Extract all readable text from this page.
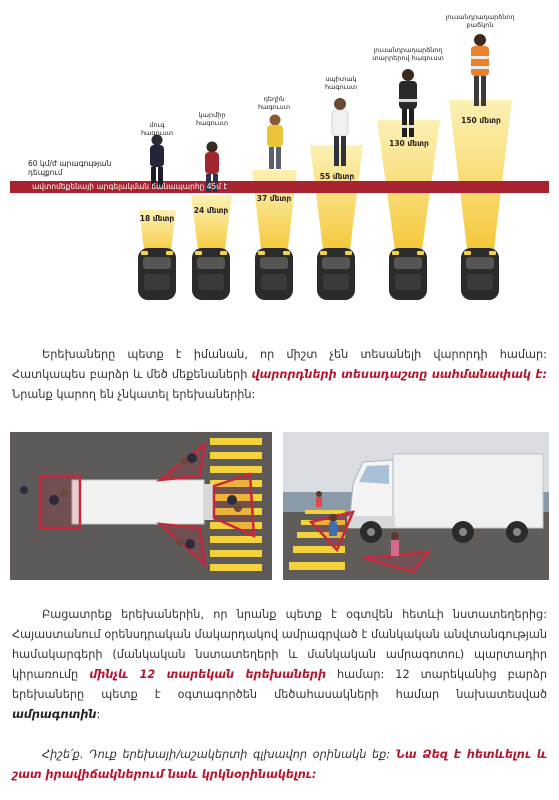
60 կմ/ժ արագության
դեպքում
ավտոմեքենայի արգելակման ճանապարհը 45մ է
մուգ
հագուստ
կարմիր
հագուստ
դեղին
հագուստ
սպիտակ
հագուստ
լուսանդրադարձնող
տարրերով հագուստ
լուսանդրադարձնող
բաճկոն
18 մետր
24 մետր
37 մետր
55 մետր
130 մետր
150 մետր

Երեխաները պետք է իմանան, որ միշտ չեն տեսանելի վարորդի համար: Հատկապես բարձր և մեծ մեքենաների վարորդների տեսադաշտը սահմանափակ է: Նրանք կարող են չնկատել երեխաներին:

Բացատրեք երեխաներին, որ նրանք պետք է օգտվեն հետևի նստատեղերից: Հայաստանում օրենսդրական մակարդակով ամրագրված է մանկական անվտանգության համակարգերի (մանկական նստատեղերի և մանկական ամրագոտու) պարտադիր կիրառումը մինչև 12 տարեկան երեխաների համար: 12 տարեկանից բարձր երեխաները պետք է օգտագործեն մեծահասակների համար նախատեսված ամրագոտին:

Հիշե՛ք. Դուք երեխայի/աշակերտի գլխավոր օրինակն եք: Նա Ձեզ է հետևելու և շատ իրավիճակներում նաև կրկնօրինակելու:
